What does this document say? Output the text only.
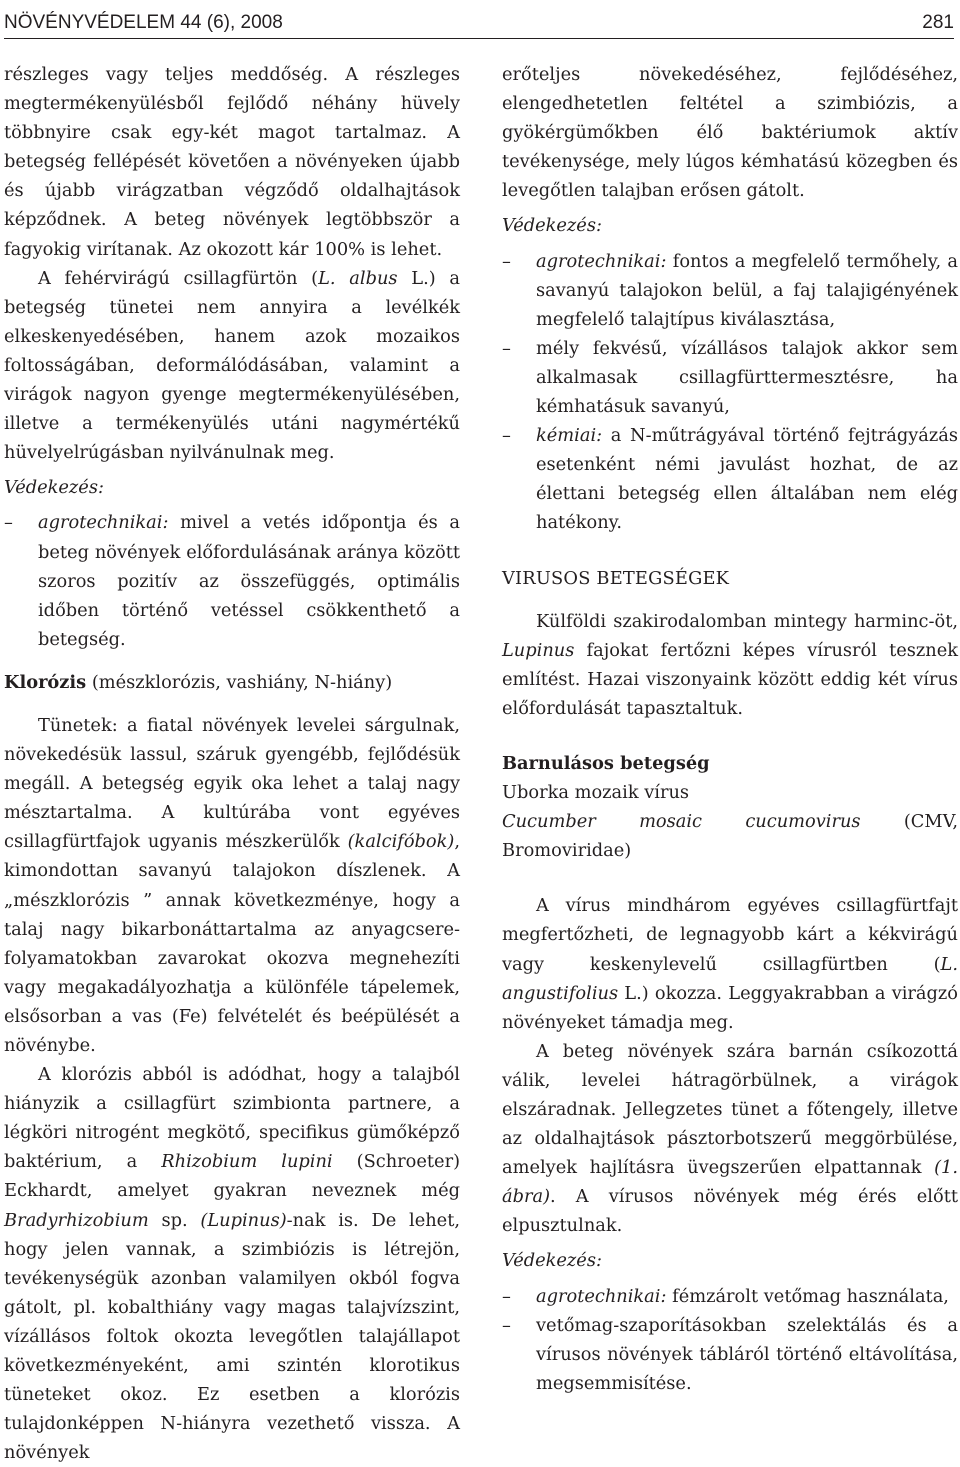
NÖVÉNYVÉDELEM 44 (6), 2008	281

részleges vagy teljes meddőség. A részleges megtermékenyülésből fejlődő néhány hüvely többnyire csak egy-két magot tartalmaz. A betegség fellépését követően a növényeken újabb és újabb virágzatban végződő oldalhajtások képződnek. A beteg növények legtöbbször a fagyokig virítanak. Az okozott kár 100% is lehet.

A fehérvirágú csillagfürtön (L. albus L.) a betegség tünetei nem annyira a levélkék elkeskenyedésében, hanem azok mozaikos foltosságában, deformálódásában, valamint a virágok nagyon gyenge megtermékenyülésében, illetve a termékenyülés utáni nagymértékű hüvelyelrúgásban nyilvánulnak meg.

Védekezés:

– agrotechnikai: mivel a vetés időpontja és a beteg növények előfordulásának aránya között szoros pozitív az összefüggés, optimális időben történő vetéssel csökkenthető a betegség.

Klorózis (mészklorózis, vashiány, N-hiány)

Tünetek: a fiatal növények levelei sárgulnak, növekedésük lassul, száruk gyengébb, fejlődésük megáll. A betegség egyik oka lehet a talaj nagy mésztartalma. A kultúrába vont egyéves csillagfürtfajok ugyanis mészkerülők (kalcifóbok), kimondottan savanyú talajokon díszlenek. A „mészklorózis ” annak következménye, hogy a talaj nagy bikarbonáttartalma az anyagcsere-folyamatokban zavarokat okozva megnehezíti vagy megakadályozhatja a különféle tápelemek, elsősorban a vas (Fe) felvételét és beépülését a növénybe.

A klorózis abból is adódhat, hogy a talajból hiányzik a csillagfürt szimbionta partnere, a légköri nitrogént megkötő, specifikus gümőképző baktérium, a Rhizobium lupini (Schroeter) Eckhardt, amelyet gyakran neveznek még Bradyrhizobium sp. (Lupinus)-nak is. De lehet, hogy jelen vannak, a szimbiózis is létrejön, tevékenységük azonban valamilyen okból fogva gátolt, pl. kobalthiány vagy magas talajvízszint, vízállásos foltok okozta levegőtlen talajállapot következményeként, ami szintén klorotikus tüneteket okoz. Ez esetben a klorózis tulajdonképpen N-hiányra vezethető vissza. A növények

erőteljes növekedéséhez, fejlődéséhez, elengedhetetlen feltétel a szimbiózis, a gyökérgümőkben élő baktériumok aktív tevékenysége, mely lúgos kémhatású közegben és levegőtlen talajban erősen gátolt.

Védekezés:

– agrotechnikai: fontos a megfelelő termőhely, a savanyú talajokon belül, a faj talajigényének megfelelő talajtípus kiválasztása,
– mély fekvésű, vízállásos talajok akkor sem alkalmasak csillagfürttermesztésre, ha kémhatásuk savanyú,
– kémiai: a N-műtrágyával történő fejtrágyázás esetenként némi javulást hozhat, de az élettani betegség ellen általában nem elég hatékony.

VIRUSOS BETEGSÉGEK

Külföldi szakirodalomban mintegy harminc-öt, Lupinus fajokat fertőzni képes vírusról tesznek említést. Hazai viszonyaink között eddig két vírus előfordulását tapasztaltuk.

Barnulásos betegség

Uborka mozaik vírus

Cucumber mosaic cucumovirus (CMV, Bromoviridae)

A vírus mindhárom egyéves csillagfürtfajt megfertőzheti, de legnagyobb kárt a kékvirágú vagy keskenylevelű csillagfürtben (L. angustifolius L.) okozza. Leggyakrabban a virágzó növényeket támadja meg.

A beteg növények szára barnán csíkozottá válik, levelei hátragörbülnek, a virágok elszáradnak. Jellegzetes tünet a főtengely, illetve az oldalhajtások pásztorbotszerű meggörbülése, amelyek hajlításra üvegszerűen elpattannak (1. ábra). A vírusos növények még érés előtt elpusztulnak.

Védekezés:

– agrotechnikai: fémzárolt vetőmag használata,
– vetőmag-szaporításokban szelektálás és a vírusos növények tábláról történő eltávolítása, megsemmisítése.
